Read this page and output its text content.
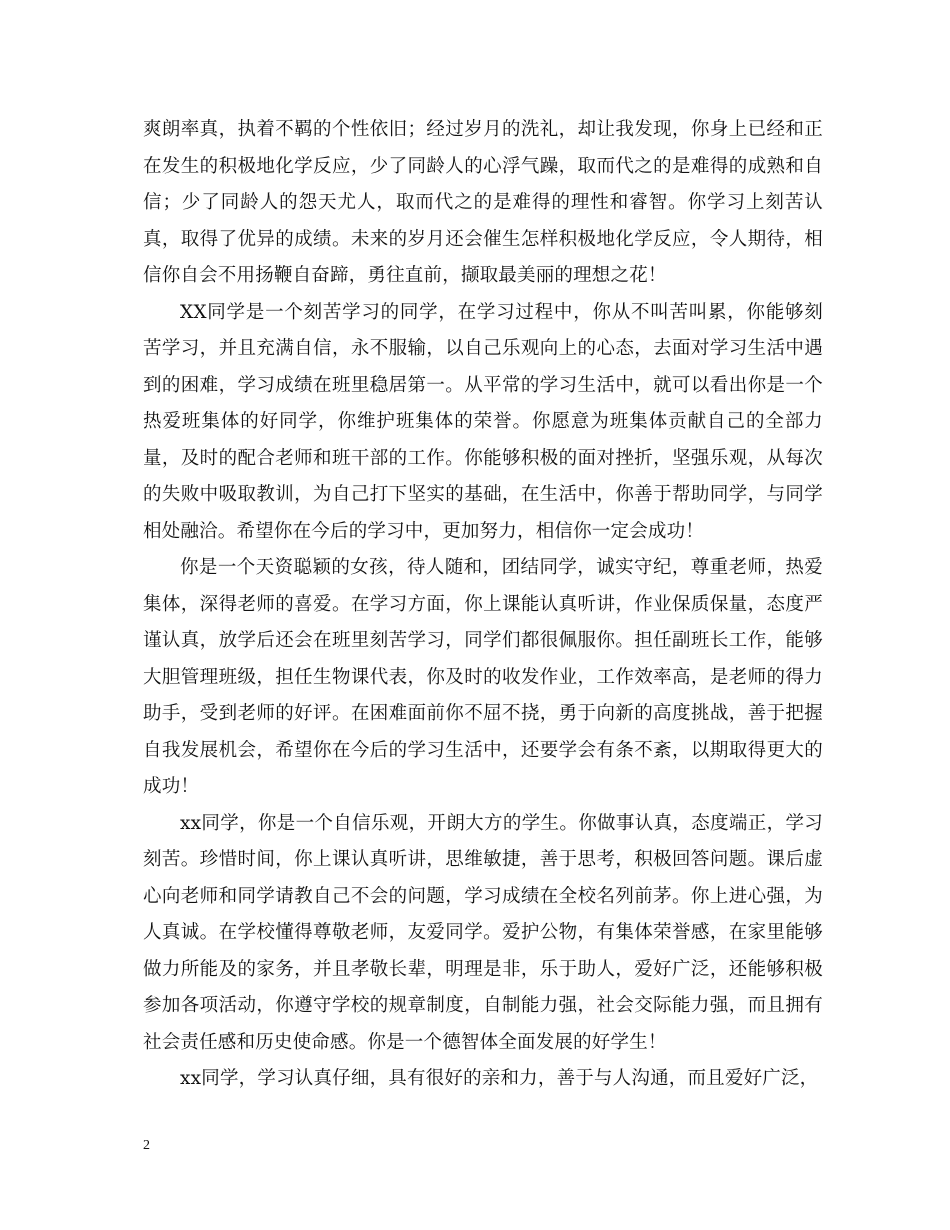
爽朗率真，执着不羁的个性依旧；经过岁月的洗礼，却让我发现，你身上已经和正在发生的积极地化学反应，少了同龄人的心浮气躁，取而代之的是难得的成熟和自信；少了同龄人的怨天尤人，取而代之的是难得的理性和睿智。你学习上刻苦认真，取得了优异的成绩。未来的岁月还会催生怎样积极地化学反应，令人期待，相信你自会不用扬鞭自奋蹄，勇往直前，撷取最美丽的理想之花！

XX同学是一个刻苦学习的同学，在学习过程中，你从不叫苦叫累，你能够刻苦学习，并且充满自信，永不服输，以自己乐观向上的心态，去面对学习生活中遇到的困难，学习成绩在班里稳居第一。从平常的学习生活中，就可以看出你是一个热爱班集体的好同学，你维护班集体的荣誉。你愿意为班集体贡献自己的全部力量，及时的配合老师和班干部的工作。你能够积极的面对挫折，坚强乐观，从每次的失败中吸取教训，为自己打下坚实的基础，在生活中，你善于帮助同学，与同学相处融洽。希望你在今后的学习中，更加努力，相信你一定会成功！

你是一个天资聪颖的女孩，待人随和，团结同学，诚实守纪，尊重老师，热爱集体，深得老师的喜爱。在学习方面，你上课能认真听讲，作业保质保量，态度严谨认真，放学后还会在班里刻苦学习，同学们都很佩服你。担任副班长工作，能够大胆管理班级，担任生物课代表，你及时的收发作业，工作效率高，是老师的得力助手，受到老师的好评。在困难面前你不屈不挠，勇于向新的高度挑战，善于把握自我发展机会，希望你在今后的学习生活中，还要学会有条不紊，以期取得更大的成功！

xx同学，你是一个自信乐观，开朗大方的学生。你做事认真，态度端正，学习刻苦。珍惜时间，你上课认真听讲，思维敏捷，善于思考，积极回答问题。课后虚心向老师和同学请教自己不会的问题，学习成绩在全校名列前茅。你上进心强，为人真诚。在学校懂得尊敬老师，友爱同学。爱护公物，有集体荣誉感，在家里能够做力所能及的家务，并且孝敬长辈，明理是非，乐于助人，爱好广泛，还能够积极参加各项活动，你遵守学校的规章制度，自制能力强，社会交际能力强，而且拥有社会责任感和历史使命感。你是一个德智体全面发展的好学生！

xx同学，学习认真仔细，具有很好的亲和力，善于与人沟通，而且爱好广泛，

2
